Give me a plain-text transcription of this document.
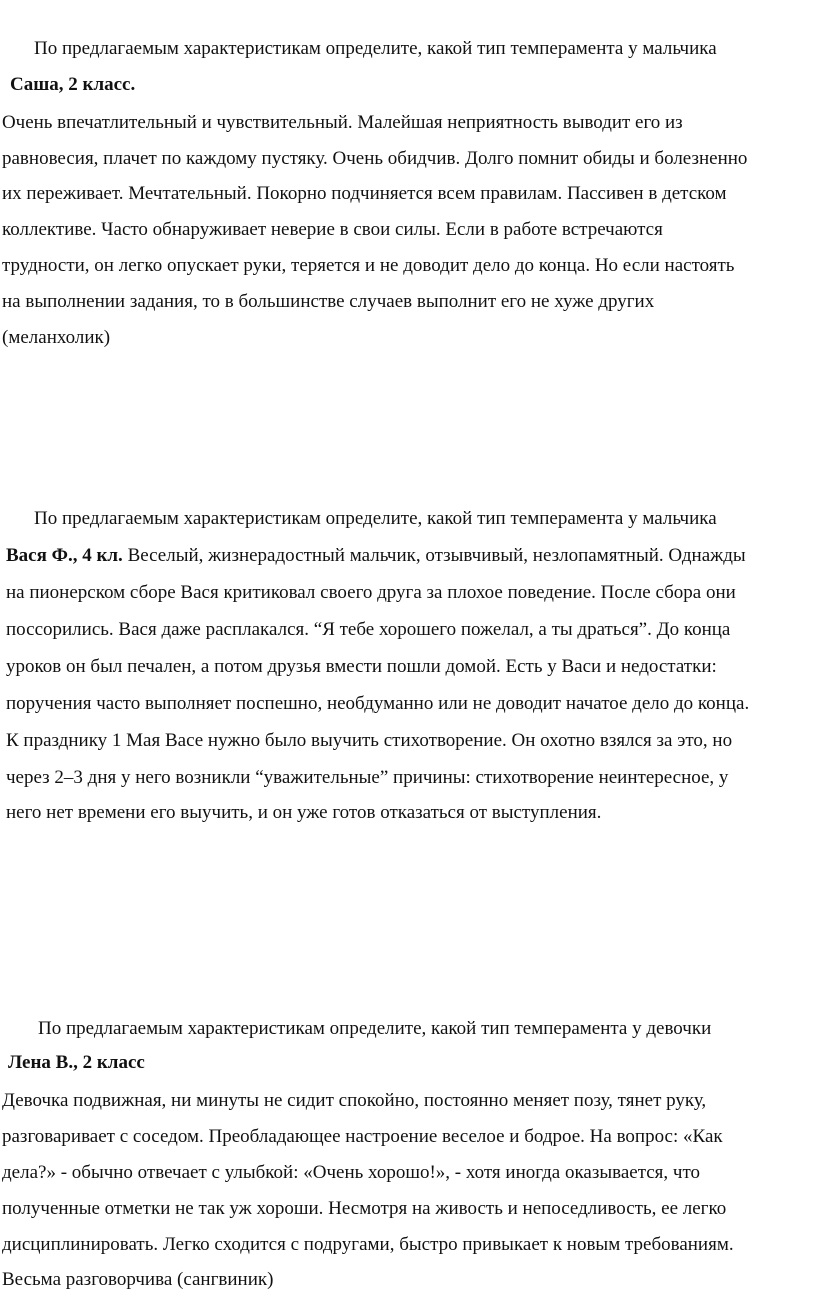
По предлагаемым характеристикам определите, какой тип темперамента у мальчика
Саша, 2 класс.
Очень впечатлительный и чувствительный. Малейшая неприятность выводит его из
равновесия, плачет по каждому пустяку. Очень обидчив. Долго помнит обиды и болезненно
их переживает. Мечтательный. Покорно подчиняется всем правилам. Пассивен в детском
коллективе. Часто обнаруживает неверие в свои силы. Если в работе встречаются
трудности, он легко опускает руки, теряется и не доводит дело до конца. Но если настоять
на выполнении задания, то в большинстве случаев выполнит его не хуже других
(меланхолик)
По предлагаемым характеристикам определите, какой тип темперамента у мальчика
Вася Ф., 4 кл. Веселый, жизнерадостный мальчик, отзывчивый, незлопамятный. Однажды
на пионерском сборе Вася критиковал своего друга за плохое поведение. После сбора они
поссорились. Вася даже расплакался. “Я тебе хорошего пожелал, а ты драться”. До конца
уроков он был печален, а потом друзья вмести пошли домой. Есть у Васи и недостатки:
поручения часто выполняет поспешно, необдуманно или не доводит начатое дело до конца.
К празднику 1 Мая Васе нужно было выучить стихотворение. Он охотно взялся за это, но
через 2–3 дня у него возникли “уважительные” причины: стихотворение неинтересное, у
него нет времени его выучить, и он уже готов отказаться от выступления.
По предлагаемым характеристикам определите, какой тип темперамента у девочки
Лена В., 2 класс
Девочка подвижная, ни минуты не сидит спокойно, постоянно меняет позу, тянет руку,
разговаривает с соседом. Преобладающее настроение веселое и бодрое. На вопрос: «Как
дела?» - обычно отвечает с улыбкой: «Очень хорошо!», - хотя иногда оказывается, что
полученные отметки не так уж хороши. Несмотря на живость и непоседливость, ее легко
дисциплинировать. Легко сходится с подругами, быстро привыкает к новым требованиям.
Весьма разговорчива (сангвиник)
